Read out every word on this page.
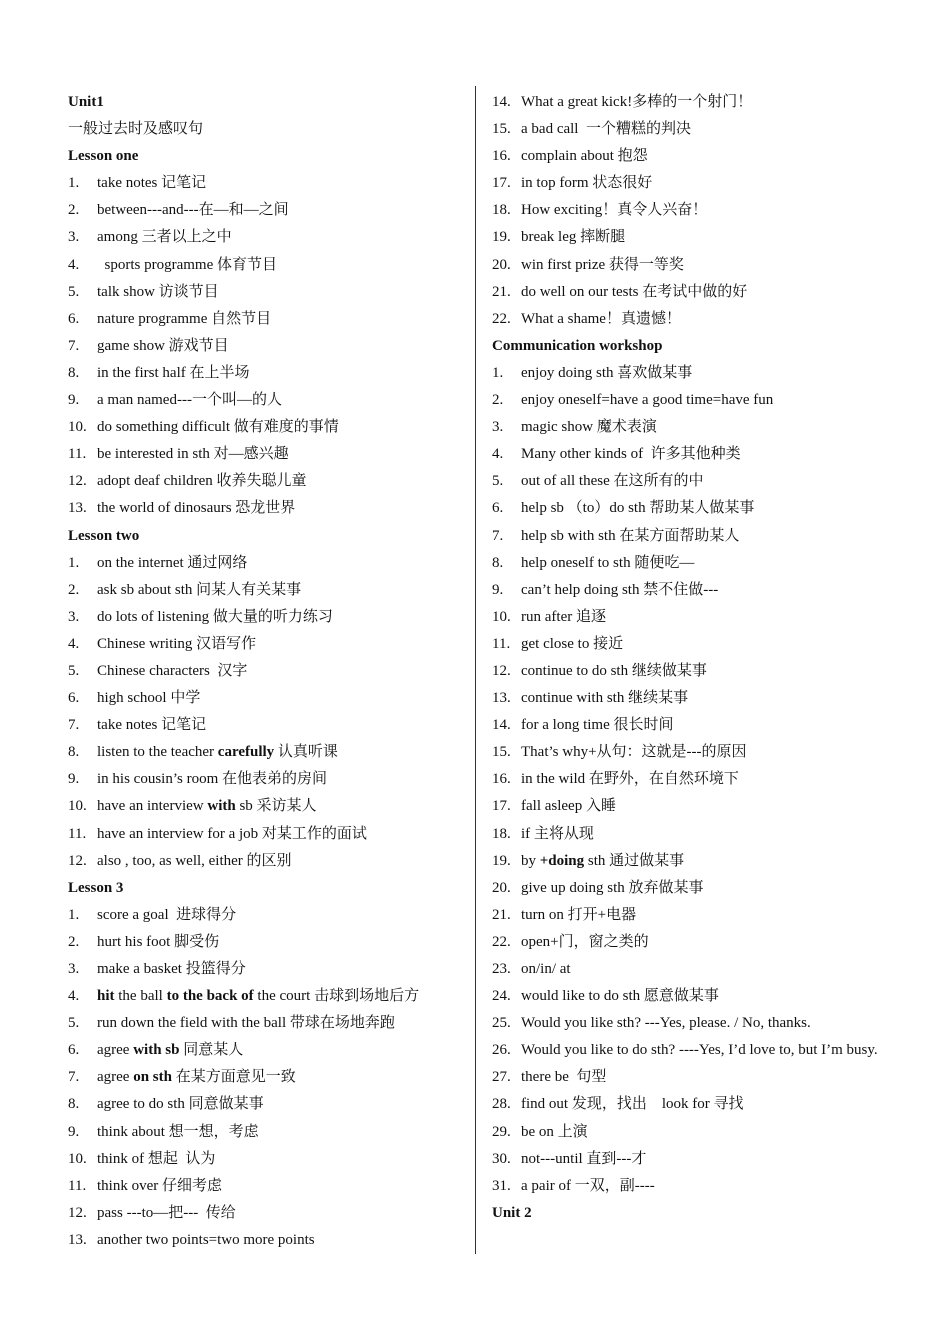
Unit1
一般过去时及感叹句
Lesson one
1.	take notes 记笔记
2.	between---and---在—和—之间
3.	among 三者以上之中
4.	sports programme 体育节目
5.	talk show 访谈节目
6.	nature programme 自然节目
7.	game show 游戏节目
8.	in the first half 在上半场
9.	a man named---一个叫—的人
10. do something difficult 做有难度的事情
11. be interested in sth 对—感兴趣
12. adopt deaf children 收养失聪儿童
13. the world of dinosaurs 恐龙世界
Lesson two
1.	on the internet 通过网络
2.	ask sb about sth 问某人有关某事
3.	do lots of listening 做大量的听力练习
4.	Chinese writing 汉语写作
5.	Chinese characters  汉字
6.	high school 中学
7.	take notes 记笔记
8.	listen to the teacher carefully 认真听课
9.	in his cousin’s room 在他表弟的房间
10. have an interview with sb 采访某人
11. have an interview for a job 对某工作的面试
12. also , too, as well, either 的区别
Lesson 3
1.	score a goal  进球得分
2.	hurt his foot 脚受伤
3.	make a basket 投篮得分
4.	hit the ball to the back of the court 击球到场地后方
5.	run down the field with the ball 带球在场地奔跑
6.	agree with sb 同意某人
7.	agree on sth 在某方面意见一致
8.	agree to do sth 同意做某事
9.	think about 想一想，考虑
10. think of 想起  认为
11. think over 仔细考虑
12. pass ---to—把---  传给
13. another two points=two more points
14. What a great kick!多棒的一个射门！
15. a bad call  一个糟糕的判决
16. complain about 抱怨
17. in top form 状态很好
18. How exciting！真令人兴奋！
19. break leg 摔断腿
20. win first prize 获得一等奖
21. do well on our tests 在考试中做的好
22. What a shame！真遗憾！
Communication workshop
1.	enjoy doing sth 喜欢做某事
2.	enjoy oneself=have a good time=have fun
3.	magic show 魔术表演
4.	Many other kinds of  许多其他种类
5.	out of all these 在这所有的中
6.	help sb （to）do sth 帮助某人做某事
7.	help sb with sth 在某方面帮助某人
8.	help oneself to sth 随便吃—
9.	can’t help doing sth 禁不住做---
10. run after 追逐
11. get close to 接近
12. continue to do sth 继续做某事
13. continue with sth 继续某事
14. for a long time 很长时间
15. That’s why+从句：这就是---的原因
16. in the wild 在野外，在自然环境下
17. fall asleep 入睡
18. if 主将从现
19. by +doing sth 通过做某事
20. give up doing sth 放弃做某事
21. turn on 打开+电器
22. open+门，窗之类的
23. on/in/ at
24. would like to do sth 愿意做某事
25. Would you like sth? ---Yes, please. / No, thanks.
26. Would you like to do sth? ----Yes, I’d love to, but I’m busy.
27. there be  句型
28. find out 发现，找出    look for 寻找
29. be on 上演
30. not---until 直到---才
31. a pair of 一双，副----
Unit 2
